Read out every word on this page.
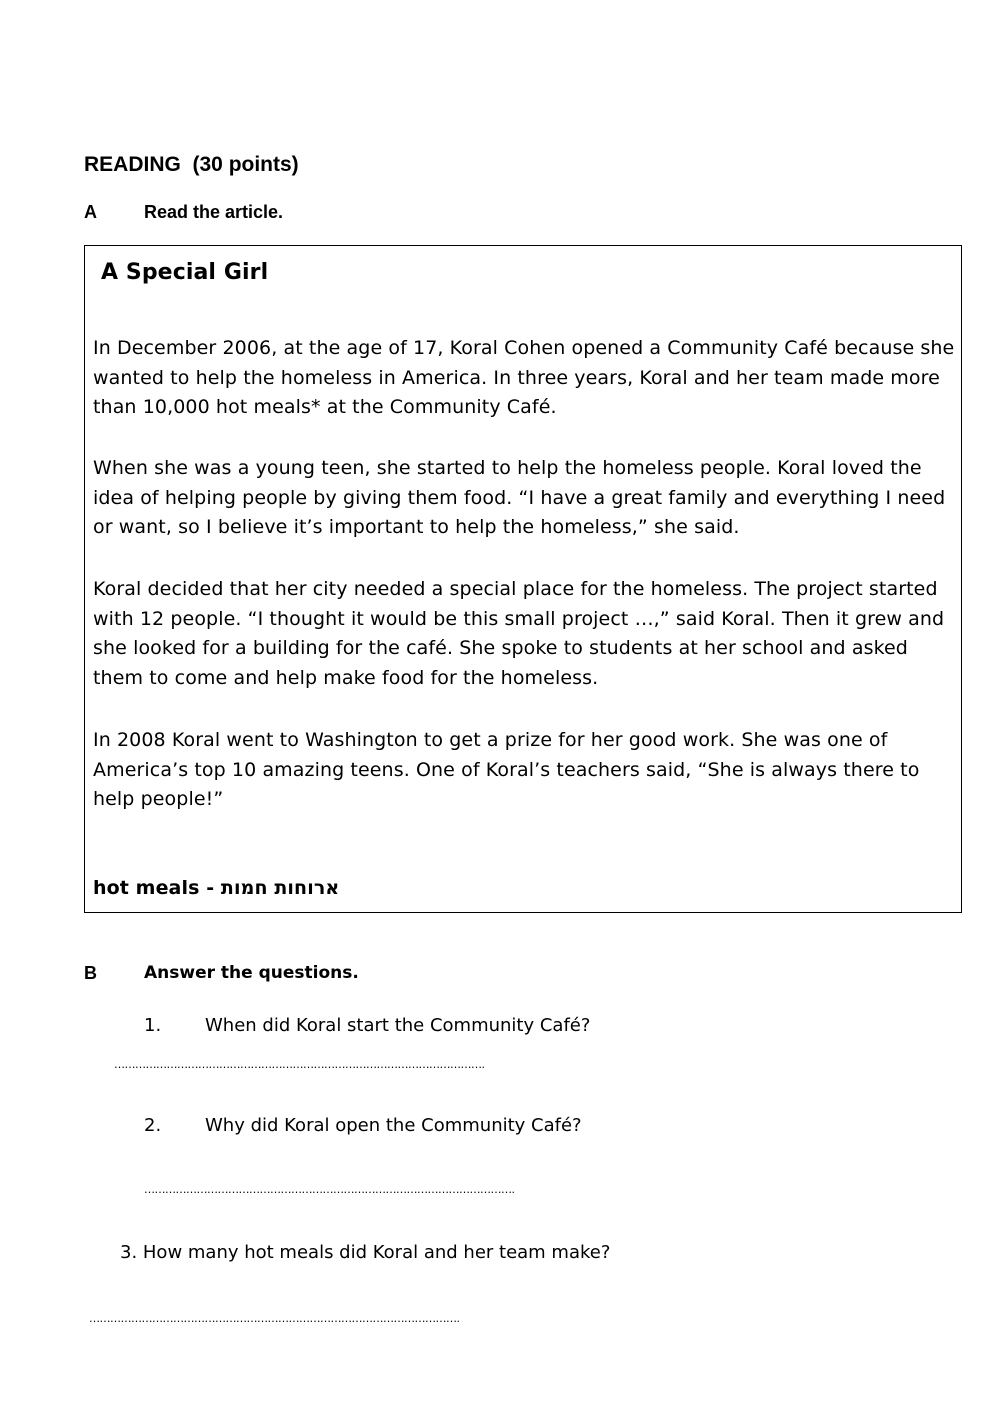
READING  (30 points)
A	Read the article.
A Special Girl
In December 2006, at the age of 17, Koral Cohen opened a Community Café because she wanted to help the homeless in America. In three years, Koral and her team made more than 10,000 hot meals* at the Community Café.
When she was a young teen, she started to help the homeless people. Koral loved the idea of helping people by giving them food. “I have a great family and everything I need or want, so I believe it’s important to help the homeless,” she said.
Koral decided that her city needed a special place for the homeless. The project started with 12 people. “I thought it would be this small project …,” said Koral. Then it grew and she looked for a building for the café. She spoke to students at her school and asked them to come and help make food for the homeless.
In 2008 Koral went to Washington to get a prize for her good work. She was one of America’s top 10 amazing teens. One of Koral’s teachers said, “She is always there to help people!”
hot meals - ארוחות חמות
B	Answer the questions.
1. When did Koral start the Community Café?
…………………………………………………………………………………………….
2. Why did Koral open the Community Café?
…………………………………………………………………………………………….
3. How many hot meals did Koral and her team make?
…………………………………………………………………………………………….
